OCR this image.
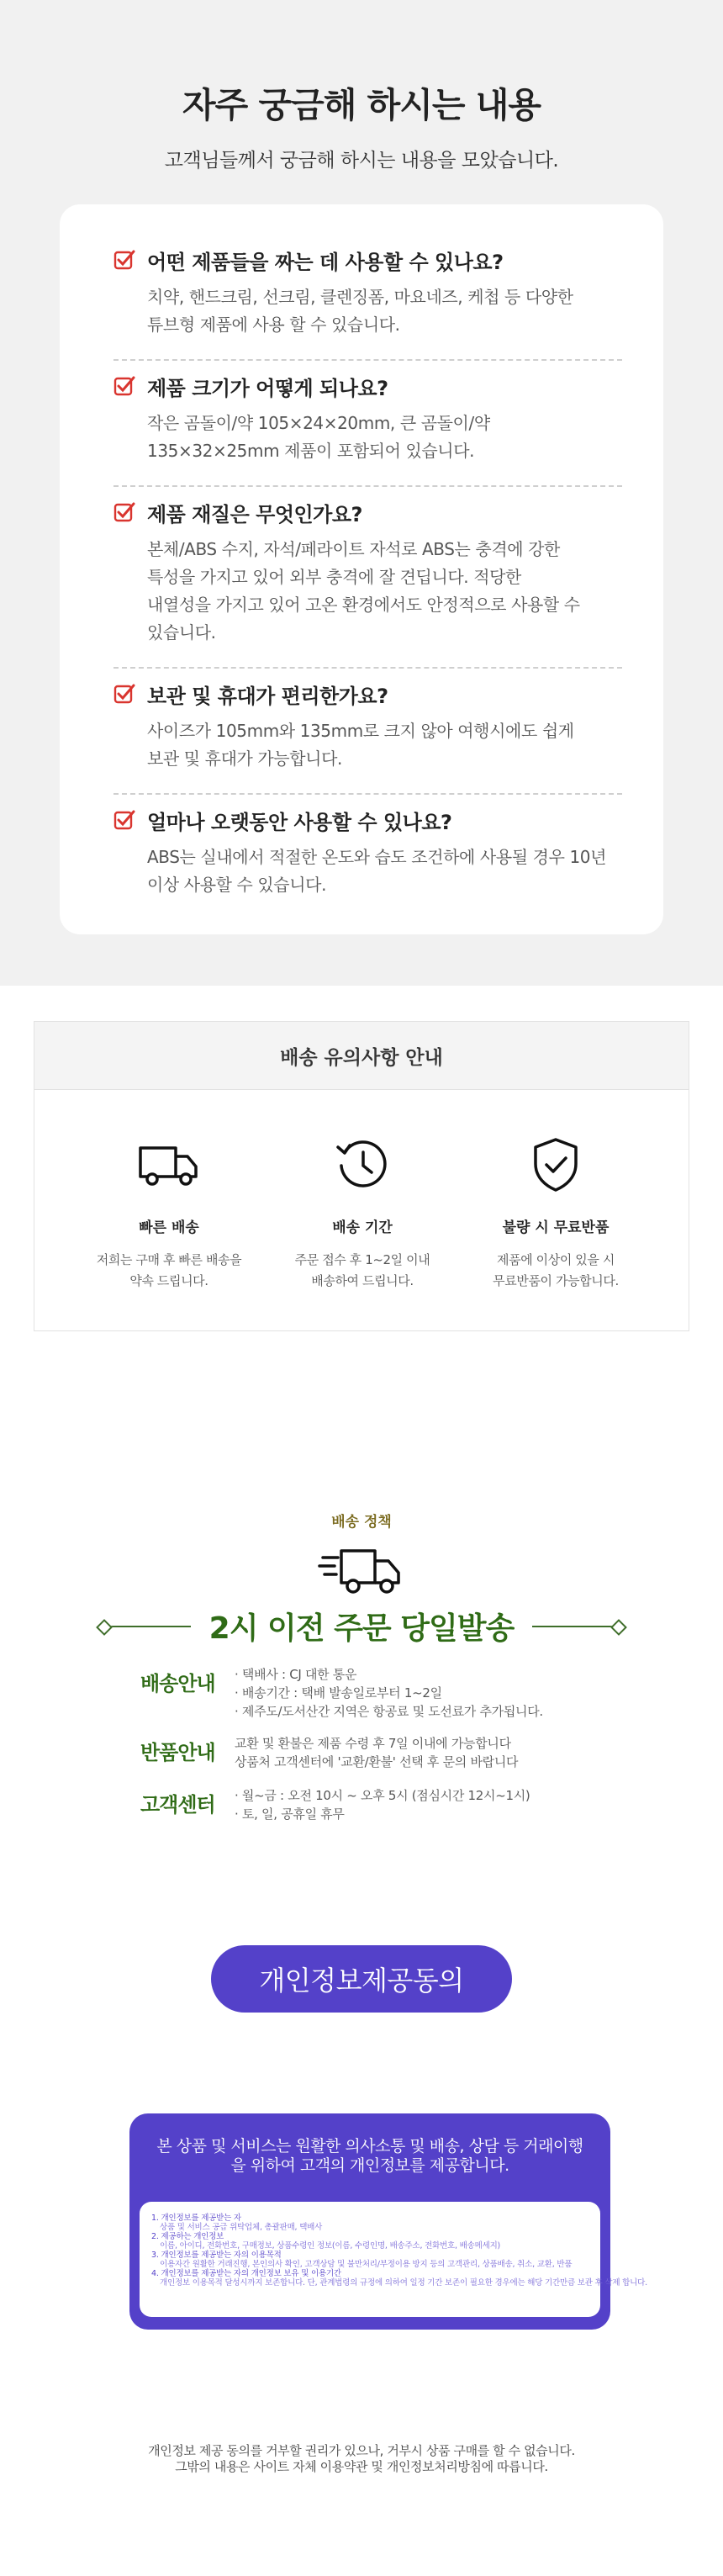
자주 궁금해 하시는 내용

고객님들께서 궁금해 하시는 내용을 모았습니다.

어떤 제품들을 짜는 데 사용할 수 있나요?
치약, 핸드크림, 선크림, 클렌징폼, 마요네즈, 케첩 등 다양한
튜브형 제품에 사용 할 수 있습니다.
제품 크기가 어떻게 되나요?
작은 곰돌이/약 105×24×20mm, 큰 곰돌이/약
135×32×25mm 제품이 포함되어 있습니다.
제품 재질은 무엇인가요?
본체/ABS 수지, 자석/페라이트 자석로 ABS는 충격에 강한
특성을 가지고 있어 외부 충격에 잘 견딥니다. 적당한
내열성을 가지고 있어 고온 환경에서도 안정적으로 사용할 수
있습니다.
보관 및 휴대가 편리한가요?
사이즈가 105mm와 135mm로 크지 않아 여행시에도 쉽게
보관 및 휴대가 가능합니다.
얼마나 오랫동안 사용할 수 있나요?
ABS는 실내에서 적절한 온도와 습도 조건하에 사용될 경우 10년
이상 사용할 수 있습니다.
배송 유의사항 안내
빠른 배송
저희는 구매 후 빠른 배송을
약속 드립니다.
배송 기간
주문 접수 후 1~2일 이내
배송하여 드립니다.
불량 시 무료반품
제품에 이상이 있을 시
무료반품이 가능합니다.
배송 정책
2시 이전 주문 당일발송
배송안내	· 택배사 : CJ 대한 통운
· 배송기간 : 택배 발송일로부터 1~2일
· 제주도/도서산간 지역은 항공료 및 도선료가 추가됩니다.
반품안내	교환 및 환불은 제품 수령 후 7일 이내에 가능합니다
상품처 고객센터에 '교환/환불' 선택 후 문의 바랍니다
고객센터	· 월~금 : 오전 10시 ~ 오후 5시 (점심시간 12시~1시)
· 토, 일, 공휴일 휴무
개인정보제공동의
본 상품 및 서비스는 원활한 의사소통 및 배송, 상담 등 거래이행
을 위하여 고객의 개인정보를 제공합니다.
1. 개인정보를 제공받는 자
상품 및 서비스 공급 위탁업체, 총괄판매, 택배사
2. 제공하는 개인정보
이름, 아이디, 전화번호, 구매정보, 상품수령인 정보(이름, 수령인명, 배송주소, 전화번호, 배송메세지)
3. 개인정보를 제공받는 자의 이용목적
이용자간 원활한 거래진행, 본인의사 확인, 고객상담 및 불만처리/부정이용 방지 등의 고객관리, 상품배송, 취소, 교환, 반품
4. 개인정보를 제공받는 자의 개인정보 보유 및 이용기간
개인정보 이용목적 달성시까지 보존합니다. 단, 관계법령의 규정에 의하여 일정 기간 보존이 필요한 경우에는 해당 기간만큼 보관 후 삭제 합니다.
개인정보 제공 동의를 거부할 권리가 있으나, 거부시 상품 구매를 할 수 없습니다.
그밖의 내용은 사이트 자체 이용약관 및 개인정보처리방침에 따릅니다.
